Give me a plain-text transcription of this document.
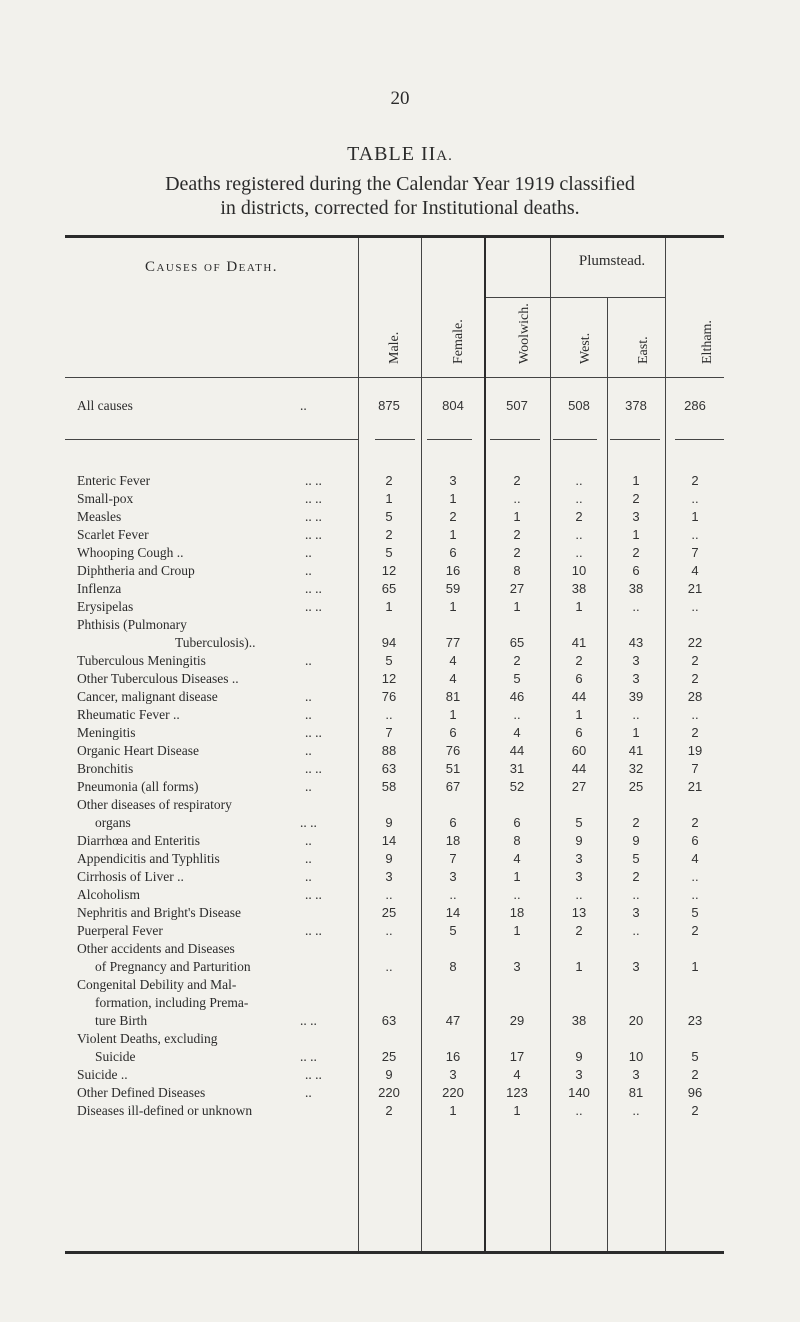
20
TABLE IIA.
Deaths registered during the Calendar Year 1919 classified
in districts, corrected for Institutional deaths.
Causes of Death.
Male.	Female.	Woolwich.
Plumstead.
West.	East.	Eltham.
All causes	..	875	804	507	508	378	286
Enteric Fever	.. ..	2	3	2	..	1	2
Small-pox	.. ..	1	1	..	..	2	..
Measles	.. ..	5	2	1	2	3	1
Scarlet Fever	.. ..	2	1	2	..	1	..
Whooping Cough ..	..	5	6	2	..	2	7
Diphtheria and Croup	..	12	16	8	10	6	4
Inflenza	.. ..	65	59	27	38	38	21
Erysipelas	.. ..	1	1	1	1	..	..
Phthisis (Pulmonary
Tuberculosis)..	94	77	65	41	43	22
Tuberculous Meningitis	..	5	4	2	2	3	2
Other Tuberculous Diseases ..	12	4	5	6	3	2
Cancer, malignant disease	..	76	81	46	44	39	28
Rheumatic Fever ..	..	..	1	..	1	..	..
Meningitis	.. ..	7	6	4	6	1	2
Organic Heart Disease	..	88	76	44	60	41	19
Bronchitis	.. ..	63	51	31	44	32	7
Pneumonia (all forms)	..	58	67	52	27	25	21
Other diseases of respiratory
organs	.. ..	9	6	6	5	2	2
Diarrhœa and Enteritis	..	14	18	8	9	9	6
Appendicitis and Typhlitis	..	9	7	4	3	5	4
Cirrhosis of Liver ..	..	3	3	1	3	2	..
Alcoholism	.. ..	..	..	..	..	..	..
Nephritis and Bright's Disease	25	14	18	13	3	5
Puerperal Fever	.. ..	..	5	1	2	..	2
Other accidents and Diseases
of Pregnancy and Parturition	..	8	3	1	3	1
Congenital Debility and Mal-
formation, including Prema-
ture Birth	.. ..	63	47	29	38	20	23
Violent Deaths, excluding
Suicide	.. ..	25	16	17	9	10	5
Suicide ..	.. ..	9	3	4	3	3	2
Other Defined Diseases	..	220	220	123	140	81	96
Diseases ill-defined or unknown	2	1	1	..	..	2
